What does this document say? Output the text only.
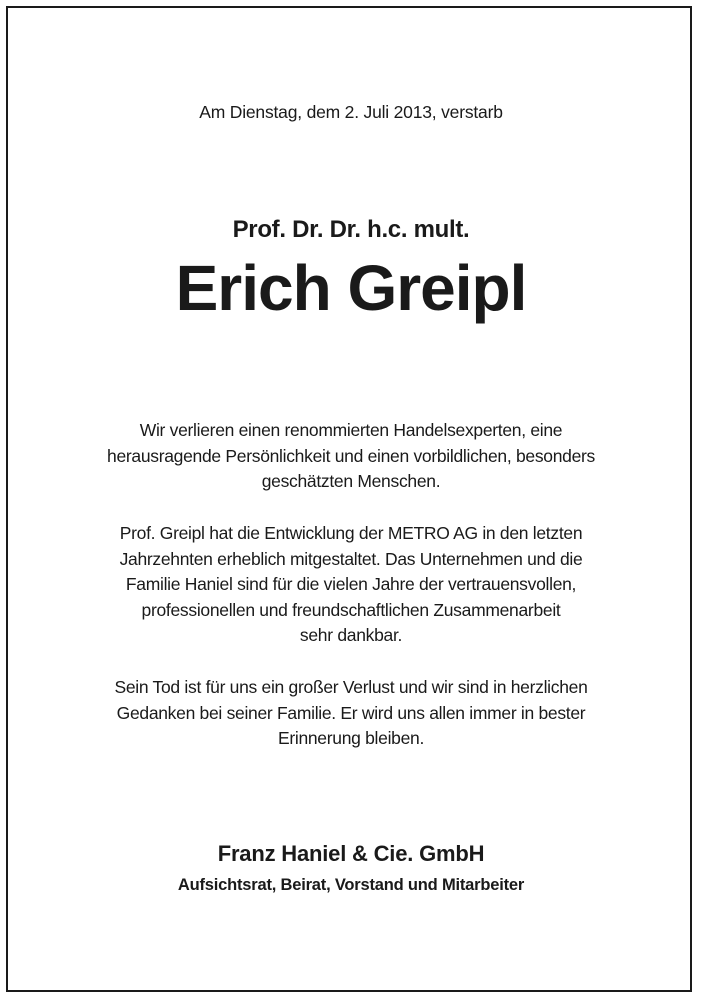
Am Dienstag, dem 2. Juli 2013, verstarb

Prof. Dr. Dr. h.c. mult.

Erich Greipl

Wir verlieren einen renommierten Handelsexperten, eine
herausragende Persönlichkeit und einen vorbildlichen, besonders
geschätzten Menschen.
Prof. Greipl hat die Entwicklung der METRO AG in den letzten
Jahrzehnten erheblich mitgestaltet. Das Unternehmen und die
Familie Haniel sind für die vielen Jahre der vertrauensvollen,
professionellen und freundschaftlichen Zusammenarbeit
sehr dankbar.
Sein Tod ist für uns ein großer Verlust und wir sind in herzlichen
Gedanken bei seiner Familie. Er wird uns allen immer in bester
Erinnerung bleiben.

Franz Haniel & Cie. GmbH

Aufsichtsrat, Beirat, Vorstand und Mitarbeiter
